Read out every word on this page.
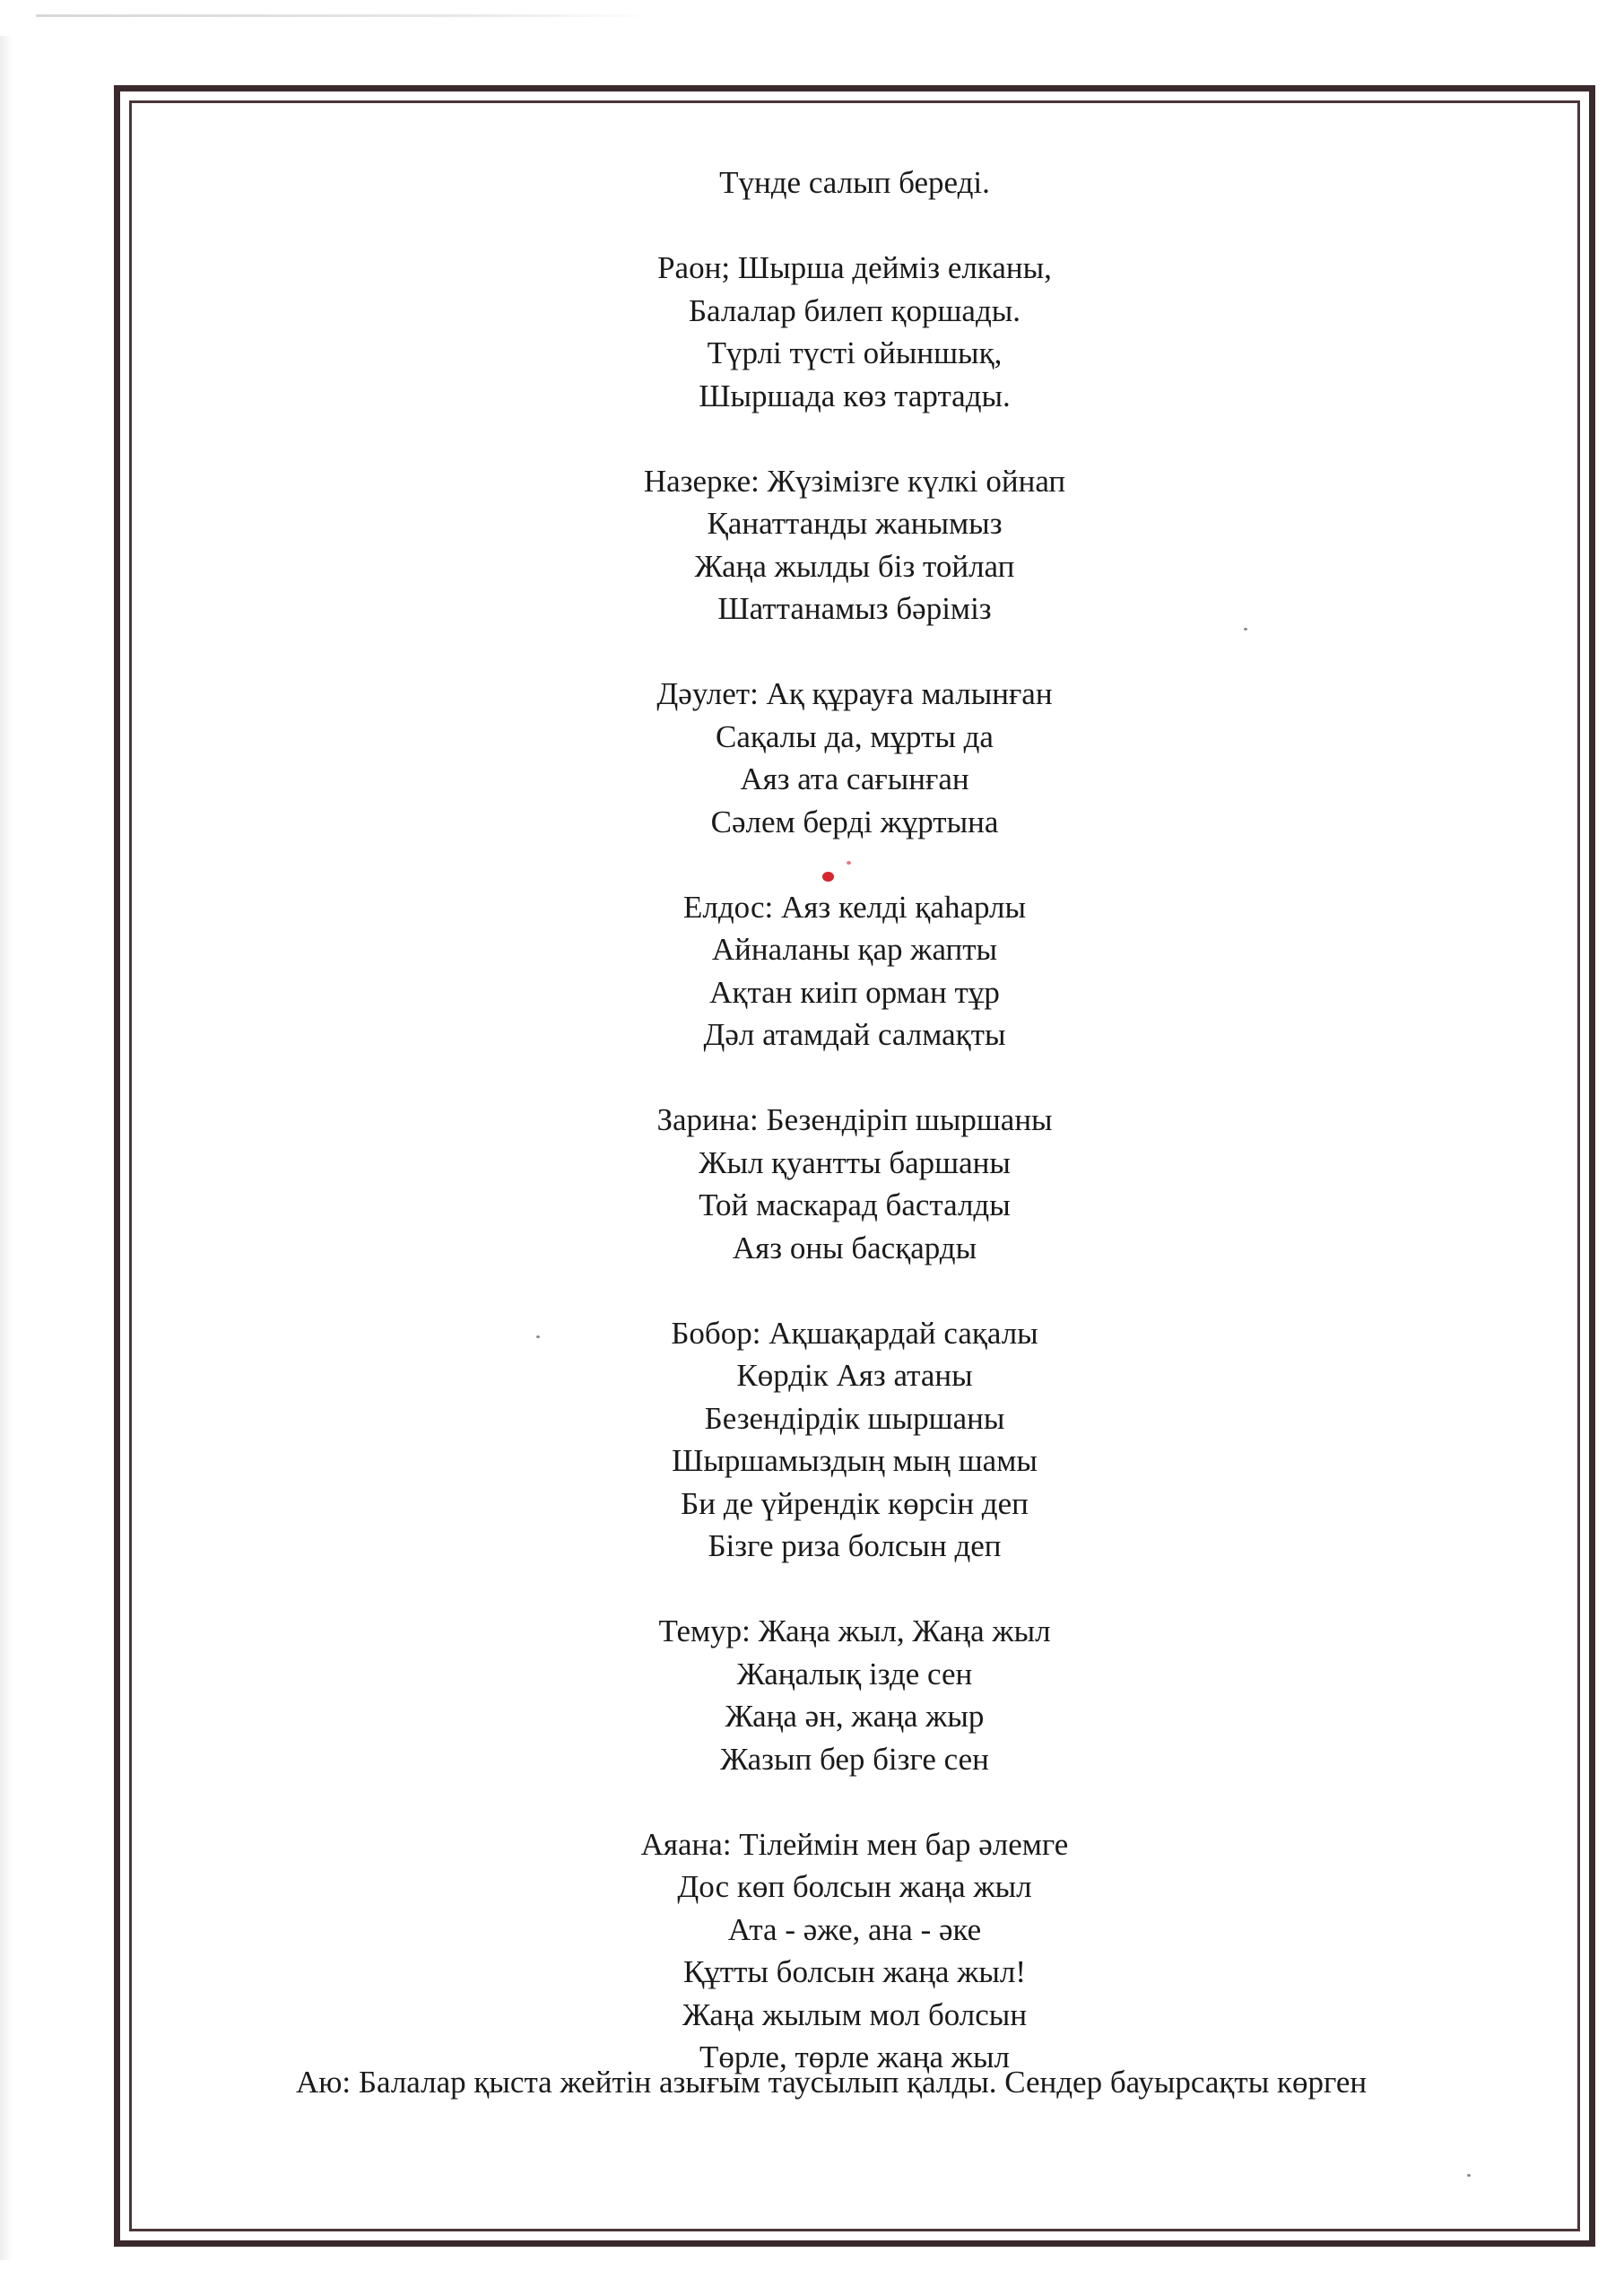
Түнде салып береді.
Раон; Шырша дейміз елканы,
Балалар билеп қоршады.
Түрлі түсті ойыншық,
Шыршада көз тартады.
Назерке: Жүзімізге күлкі ойнап
Қанаттанды жанымыз
Жаңа жылды біз тойлап
Шаттанамыз бәріміз
Дәулет: Ақ құрауға малынған
Сақалы да, мұрты да
Аяз ата сағынған
Сәлем берді жұртына
Елдос: Аяз келді қаһарлы
Айналаны қар жапты
Ақтан киіп орман тұр
Дәл атамдай салмақты
Зарина: Безендіріп шыршаны
Жыл қуантты баршаны
Той маскарад басталды
Аяз оны басқарды
Бобор: Ақшақардай сақалы
Көрдік Аяз атаны
Безендірдік шыршаны
Шыршамыздың мың шамы
Би де үйрендік көрсін деп
Бізге риза болсын деп
Темур: Жаңа жыл, Жаңа жыл
Жаңалық ізде сен
Жаңа ән, жаңа жыр
Жазып бер бізге сен
Аяана: Тілеймін мен бар әлемге
Дос көп болсын жаңа жыл
Ата - әже, ана - әке
Құтты болсын жаңа жыл!
Жаңа жылым мол болсын
Төрле, төрле жаңа жыл
Аю: Балалар қыста жейтін азығым таусылып қалды. Сендер бауырсақты көрген
